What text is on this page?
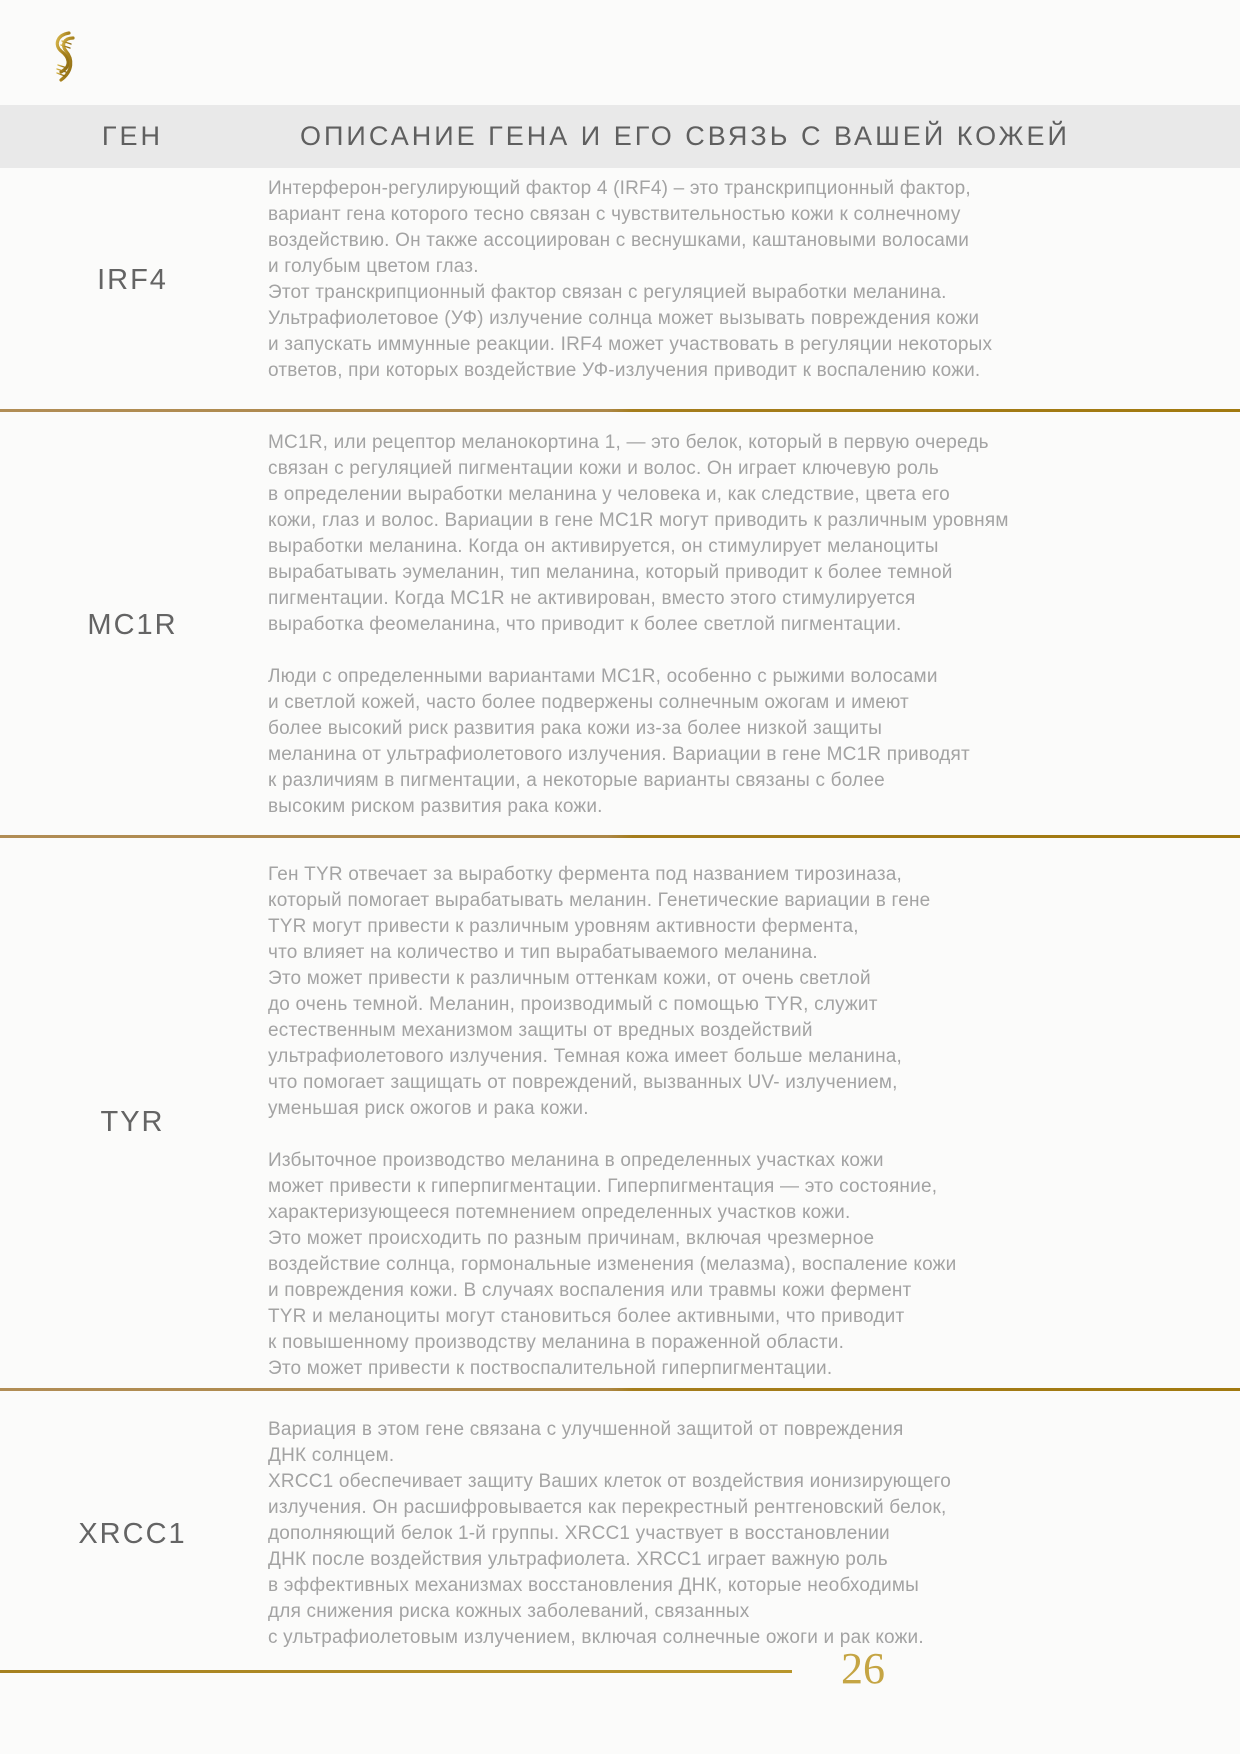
ГЕН	ОПИСАНИЕ ГЕНА И ЕГО СВЯЗЬ С ВАШЕЙ КОЖЕЙ
IRF4
Интерферон-регулирующий фактор 4 (IRF4) – это транскрипционный фактор,
вариант гена которого тесно связан с чувствительностью кожи к солнечному
воздействию. Он также ассоциирован с веснушками, каштановыми волосами
и голубым цветом глаз.
Этот транскрипционный фактор связан с регуляцией выработки меланина.
Ультрафиолетовое (УФ) излучение солнца может вызывать повреждения кожи
и запускать иммунные реакции. IRF4 может участвовать в регуляции некоторых
ответов, при которых воздействие УФ-излучения приводит к воспалению кожи.
MC1R
MC1R, или рецептор меланокортина 1, — это белок, который в первую очередь
связан с регуляцией пигментации кожи и волос. Он играет ключевую роль
в определении выработки меланина у человека и, как следствие, цвета его
кожи, глаз и волос. Вариации в гене MC1R могут приводить к различным уровням
выработки меланина. Когда он активируется, он стимулирует меланоциты
вырабатывать эумеланин, тип меланина, который приводит к более темной
пигментации. Когда MC1R не активирован, вместо этого стимулируется
выработка феомеланина, что приводит к более светлой пигментации.
Люди с определенными вариантами MC1R, особенно с рыжими волосами
и светлой кожей, часто более подвержены солнечным ожогам и имеют
более высокий риск развития рака кожи из-за более низкой защиты
меланина от ультрафиолетового излучения. Вариации в гене MC1R приводят
к различиям в пигментации, а некоторые варианты связаны с более
высоким риском развития рака кожи.
TYR
Ген TYR отвечает за выработку фермента под названием тирозиназа,
который помогает вырабатывать меланин. Генетические вариации в гене
TYR могут привести к различным уровням активности фермента,
что влияет на количество и тип вырабатываемого меланина.
Это может привести к различным оттенкам кожи, от очень светлой
до очень темной. Меланин, производимый с помощью TYR, служит
естественным механизмом защиты от вредных воздействий
ультрафиолетового излучения. Темная кожа имеет больше меланина,
что помогает защищать от повреждений, вызванных UV- излучением,
уменьшая риск ожогов и рака кожи.
Избыточное производство меланина в определенных участках кожи
может привести к гиперпигментации. Гиперпигментация — это состояние,
характеризующееся потемнением определенных участков кожи.
Это может происходить по разным причинам, включая чрезмерное
воздействие солнца, гормональные изменения (мелазма), воспаление кожи
и повреждения кожи. В случаях воспаления или травмы кожи фермент
TYR и меланоциты могут становиться более активными, что приводит
к повышенному производству меланина в пораженной области.
Это может привести к поствоспалительной гиперпигментации.
XRCC1
Вариация в этом гене связана с улучшенной защитой от повреждения
ДНК солнцем.
XRCC1 обеспечивает защиту Ваших клеток от воздействия ионизирующего
излучения. Он расшифровывается как перекрестный рентгеновский белок,
дополняющий белок 1-й группы. XRCC1 участвует в восстановлении
ДНК после воздействия ультрафиолета. XRCC1 играет важную роль
в эффективных механизмах восстановления ДНК, которые необходимы
для снижения риска кожных заболеваний, связанных
с ультрафиолетовым излучением, включая солнечные ожоги и рак кожи.
26
